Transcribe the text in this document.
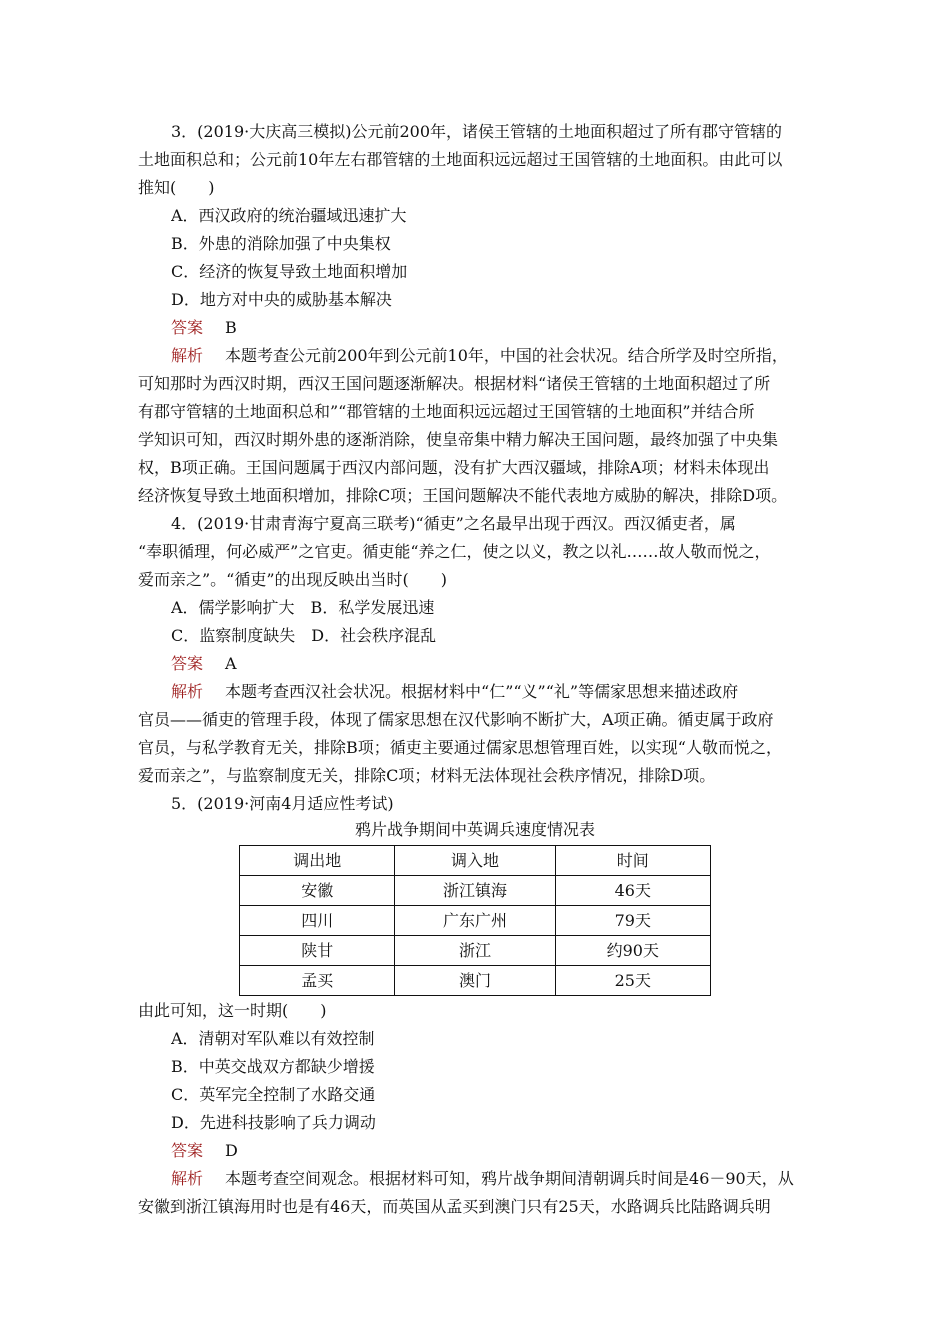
3．(2019·大庆高三模拟)公元前200年，诸侯王管辖的土地面积超过了所有郡守管辖的
土地面积总和；公元前10年左右郡管辖的土地面积远远超过王国管辖的土地面积。由此可以
推知(　　)
A．西汉政府的统治疆域迅速扩大
B．外患的消除加强了中央集权
C．经济的恢复导致土地面积增加
D．地方对中央的威胁基本解决
答案 B
解析 本题考查公元前200年到公元前10年，中国的社会状况。结合所学及时空所指，
可知那时为西汉时期，西汉王国问题逐渐解决。根据材料“诸侯王管辖的土地面积超过了所
有郡守管辖的土地面积总和”“郡管辖的土地面积远远超过王国管辖的土地面积”并结合所
学知识可知，西汉时期外患的逐渐消除，使皇帝集中精力解决王国问题，最终加强了中央集
权，B项正确。王国问题属于西汉内部问题，没有扩大西汉疆域，排除A项；材料未体现出
经济恢复导致土地面积增加，排除C项；王国问题解决不能代表地方威胁的解决，排除D项。
4．(2019·甘肃青海宁夏高三联考)“循吏”之名最早出现于西汉。西汉循吏者，属
“奉职循理，何必威严”之官吏。循吏能“养之仁，使之以义，教之以礼……故人敬而悦之，
爱而亲之”。“循吏”的出现反映出当时(　　)
A．儒学影响扩大　B．私学发展迅速
C．监察制度缺失　D．社会秩序混乱
答案 A
解析 本题考查西汉社会状况。根据材料中“仁”“义”“礼”等儒家思想来描述政府
官员——循吏的管理手段，体现了儒家思想在汉代影响不断扩大，A项正确。循吏属于政府
官员，与私学教育无关，排除B项；循吏主要通过儒家思想管理百姓，以实现“人敬而悦之，
爱而亲之”，与监察制度无关，排除C项；材料无法体现社会秩序情况，排除D项。
5．(2019·河南4月适应性考试)
鸦片战争期间中英调兵速度情况表
调出地	调入地	时间
安徽	浙江镇海	46天
四川	广东广州	79天
陕甘	浙江	约90天
孟买	澳门	25天
由此可知，这一时期(　　)
A．清朝对军队难以有效控制
B．中英交战双方都缺少增援
C．英军完全控制了水路交通
D．先进科技影响了兵力调动
答案 D
解析 本题考查空间观念。根据材料可知，鸦片战争期间清朝调兵时间是46－90天，从
安徽到浙江镇海用时也是有46天，而英国从孟买到澳门只有25天，水路调兵比陆路调兵明
